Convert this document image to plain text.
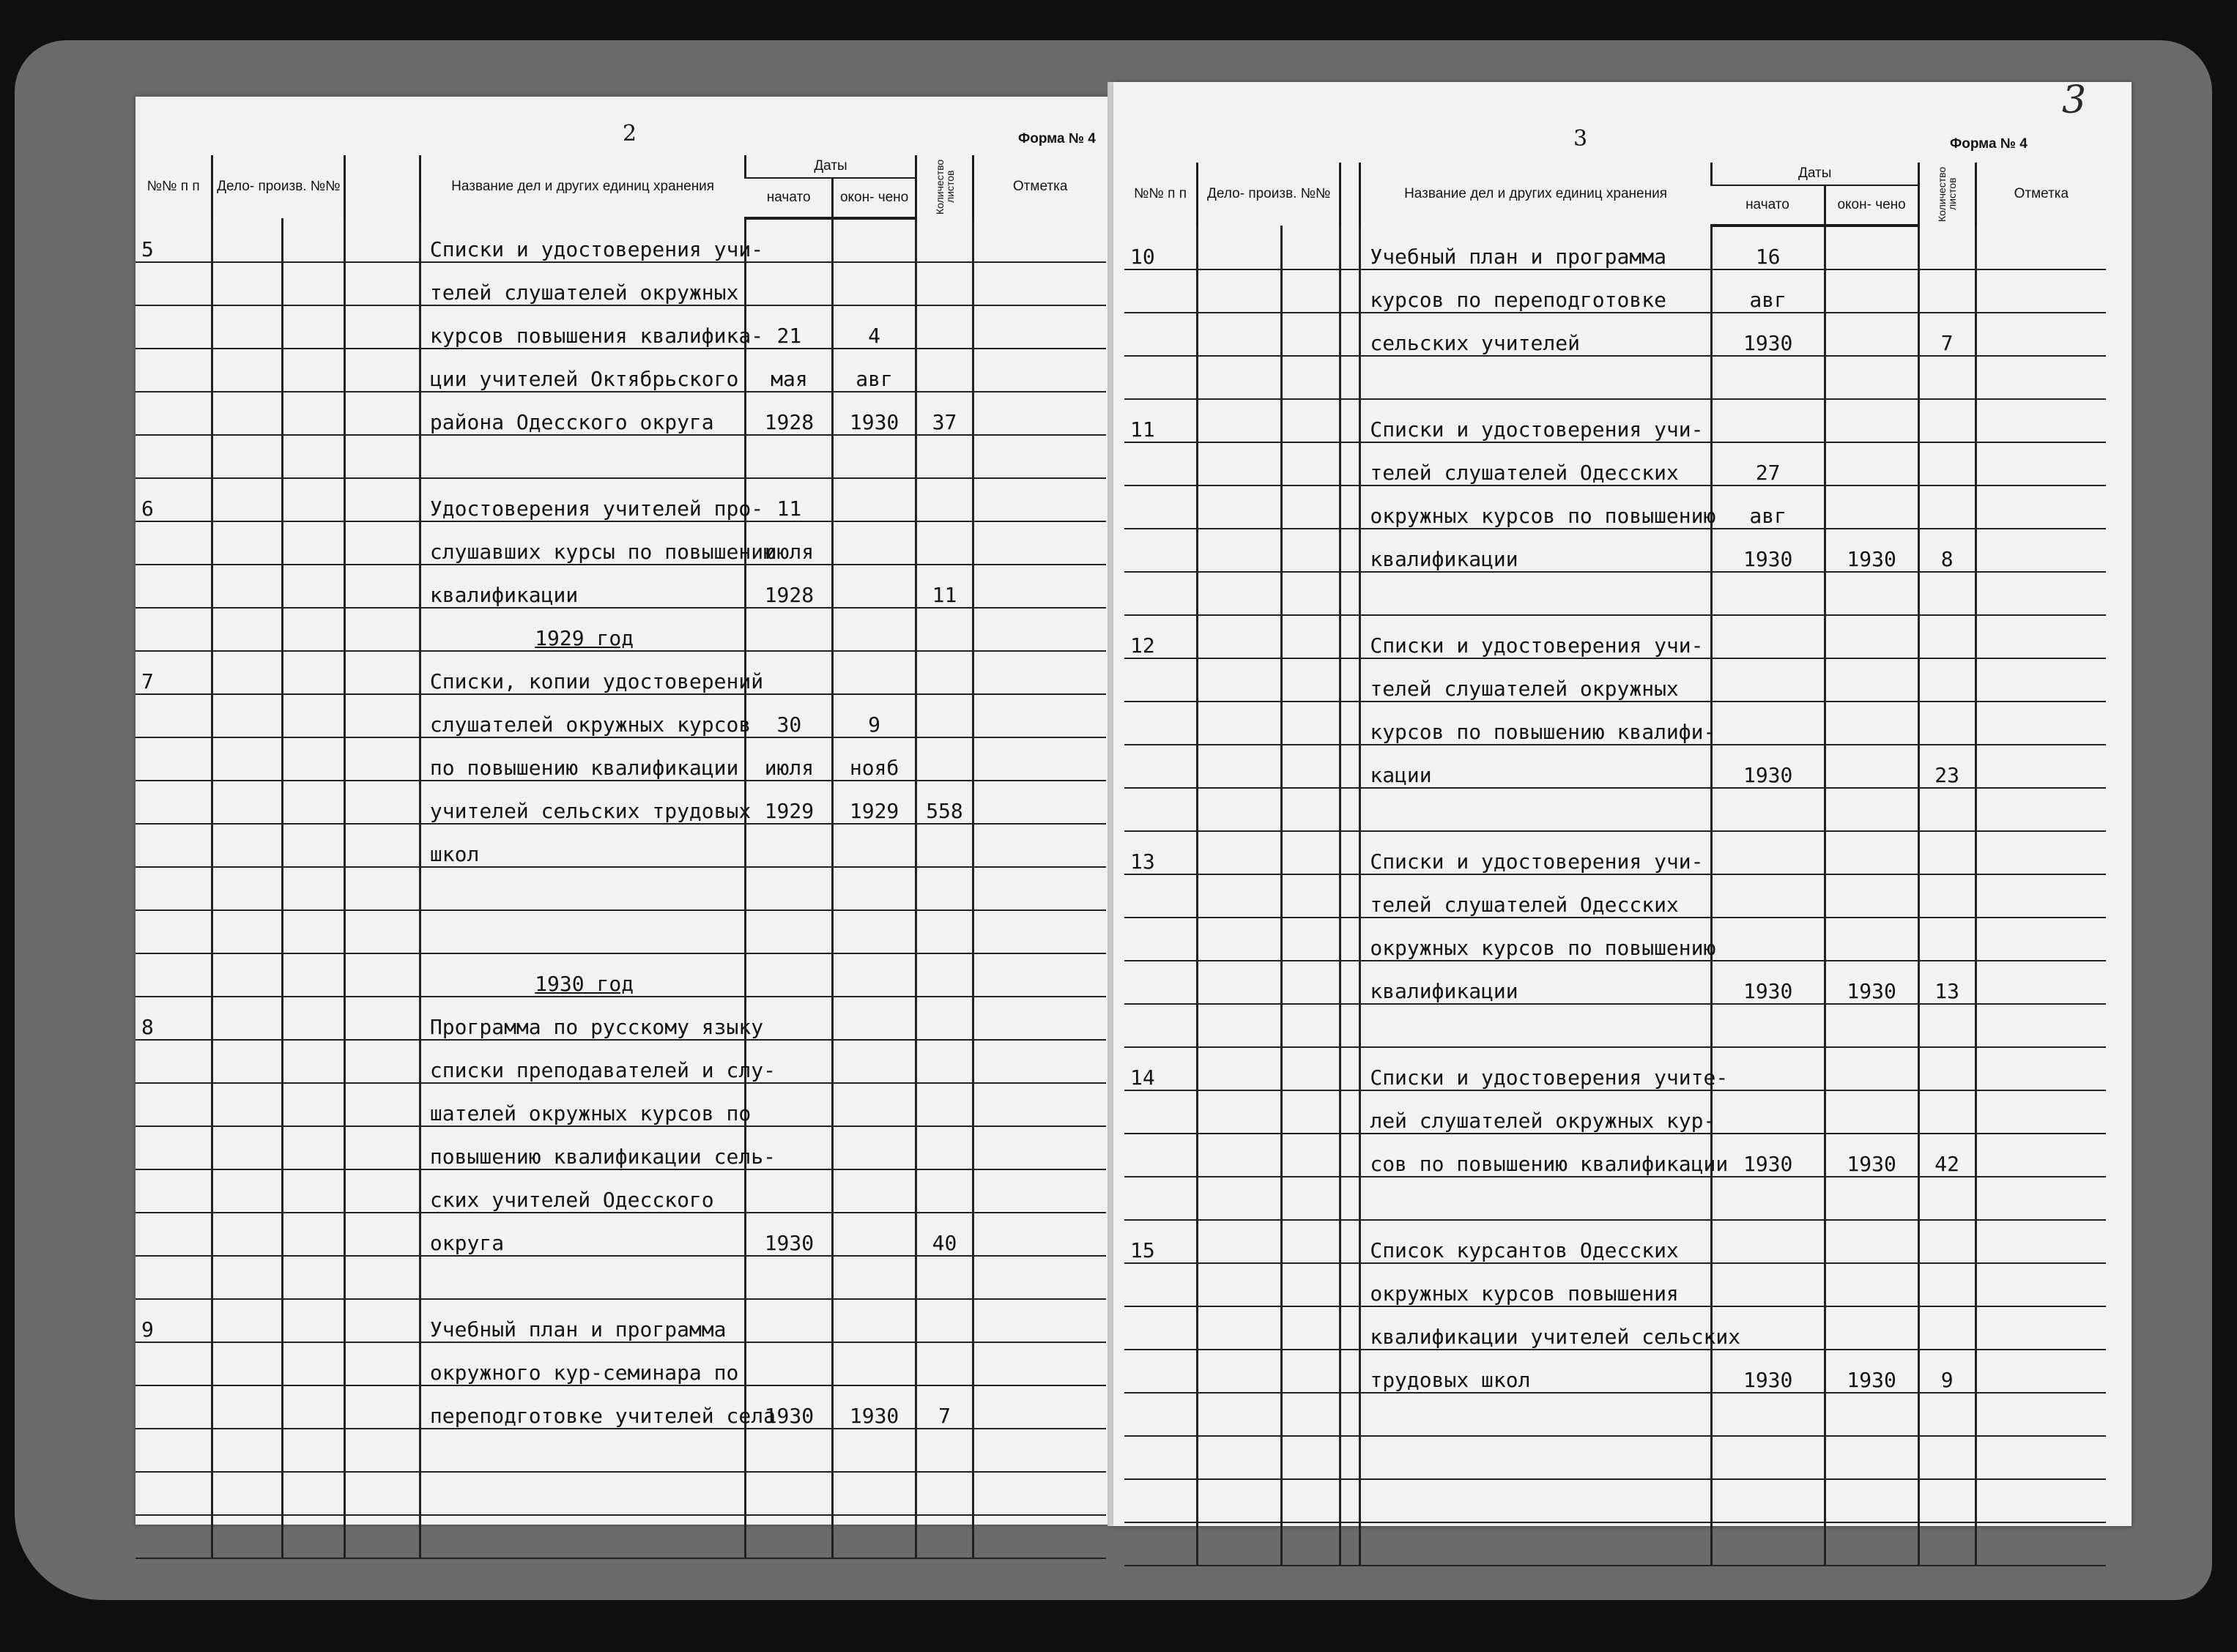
2	Форма № 4
№№ п п	Дело- произв. №№			Название дел и других единиц хранения	Даты		Количество листов	Отметка
					начато	окон- чено		
5				Списки и удостоверения учи-				
				телей слушателей окружных				
				курсов повышения квалифика-	21	4		
				ции учителей Октябрьского	мая	авг		
				района Одесского округа	1928	1930	37	

6				Удостоверения учителей про-	11			
				слушавших курсы по повышению	июля			
				квалификации	1928		11	
				1929 год				
7				Списки, копии удостоверений				
				слушателей окружных курсов	30	9		
				по повышению квалификации	июля	нояб		
				учителей сельских трудовых	1929	1929	558	
				школ				

				1930 год				
8				Программа по русскому языку				
				списки преподавателей и слу-				
				шателей окружных курсов по				
				повышению квалификации сель-				
				ских учителей Одесского				
				округа	1930		40	

9				Учебный план и программа				
				окружного кур-семинара по				
				переподготовке учителей села	1930	1930	7	

3	Форма № 4
№№ п п	Дело- произв. №№			Название дел и других единиц хранения	Даты		Количество листов	Отметка
					начато	окон- чено		
10				Учебный план и программа	16			
				курсов по переподготовке	авг			
				сельских учителей	1930		7	

11				Списки и удостоверения учи-				
				телей слушателей Одесских	27			
				окружных курсов по повышению	авг			
				квалификации	1930	1930	8	

12				Списки и удостоверения учи-				
				телей слушателей окружных				
				курсов по повышению квалифи-				
				кации	1930		23	

13				Списки и удостоверения учи-				
				телей слушателей Одесских				
				окружных курсов по повышению				
				квалификации	1930	1930	13	

14				Списки и удостоверения учите-				
				лей слушателей окружных кур-				
				сов по повышению квалификации	1930	1930	42	

15				Список курсантов Одесских				
				окружных курсов повышения				
				квалификации учителей сельских				
				трудовых школ	1930	1930	9	

3
